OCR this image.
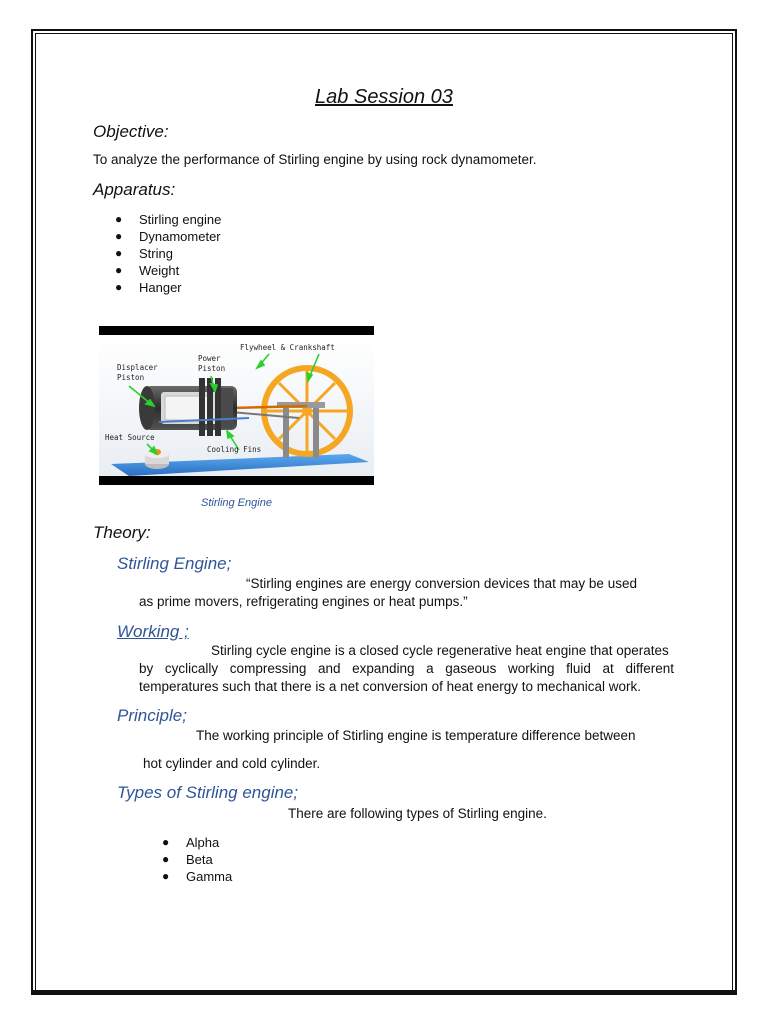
Lab Session 03
Objective:
To analyze the performance of Stirling engine by using rock dynamometer.
Apparatus:
● Stirling engine
● Dynamometer
● String
● Weight
● Hanger
Flywheel & Crankshaft
Power
Piston
Displacer
Piston
Heat Source
Cooling Fins
Stirling Engine
Theory:
Stirling Engine;
“Stirling engines are energy conversion devices that may be used
as prime movers, refrigerating engines or heat pumps.”
Working ;
Stirling cycle engine is a closed cycle regenerative heat engine that operates
by cyclically compressing and expanding a gaseous working fluid at different
temperatures such that there is a net conversion of heat energy to mechanical work.
Principle;
The working principle of Stirling engine is temperature difference between
hot cylinder and cold cylinder.
Types of Stirling engine;
There are following types of Stirling engine.
● Alpha
● Beta
● Gamma
